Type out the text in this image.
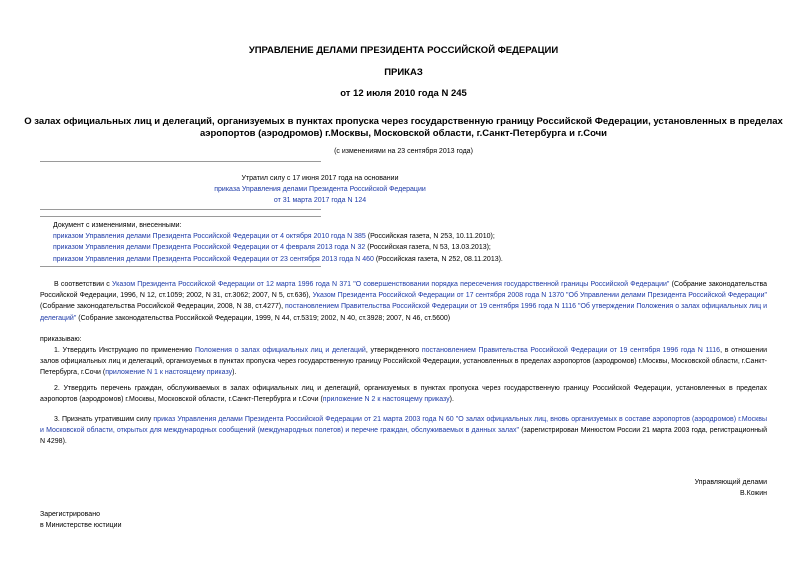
УПРАВЛЕНИЕ ДЕЛАМИ ПРЕЗИДЕНТА РОССИЙСКОЙ ФЕДЕРАЦИИ
ПРИКАЗ
от 12 июля 2010 года N 245
О залах официальных лиц и делегаций, организуемых в пунктах пропуска через государственную границу Российской Федерации, установленных в пределах
аэропортов (аэродромов) г.Москвы, Московской области, г.Санкт-Петербурга и г.Сочи
(с изменениями на 23 сентября 2013 года)
Утратил силу с 17 июня 2017 года на основании
приказа Управления делами Президента Российской Федерации
от 31 марта 2017 года N 124
Документ с изменениями, внесенными:
приказом Управления делами Президента Российской Федерации от 4 октября 2010 года N 385 (Российская газета, N 253, 10.11.2010);
приказом Управления делами Президента Российской Федерации от 4 февраля 2013 года N 32 (Российская газета, N 53, 13.03.2013);
приказом Управления делами Президента Российской Федерации от 23 сентября 2013 года N 460 (Российская газета, N 252, 08.11.2013).
В соответствии с Указом Президента Российской Федерации от 12 марта 1996 года N 371 "О совершенствовании порядка пересечения государственной границы Российской Федерации" (Собрание законодательства Российской Федерации, 1996, N 12, ст.1059; 2002, N 31, ст.3062; 2007, N 5, ст.636), Указом Президента Российской Федерации от 17 сентября 2008 года N 1370 "Об Управлении делами Президента Российской Федерации" (Собрание законодательства Российской Федерации, 2008, N 38, ст.4277), постановлением Правительства Российской Федерации от 19 сентября 1996 года N 1116 "Об утверждении Положения о залах официальных лиц и делегаций" (Собрание законодательства Российской Федерации, 1999, N 44, ст.5319; 2002, N 40, ст.3928; 2007, N 46, ст.5600)
приказываю:
1. Утвердить Инструкцию по применению Положения о залах официальных лиц и делегаций, утвержденного постановлением Правительства Российской Федерации от 19 сентября 1996 года N 1116, в отношении залов официальных лиц и делегаций, организуемых в пунктах пропуска через государственную границу Российской Федерации, установленных в пределах аэропортов (аэродромов) г.Москвы, Московской области, г.Санкт-Петербурга, г.Сочи (приложение N 1 к настоящему приказу).
2. Утвердить перечень граждан, обслуживаемых в залах официальных лиц и делегаций, организуемых в пунктах пропуска через государственную границу Российской Федерации, установленных в пределах аэропортов (аэродромов) г.Москвы, Московской области, г.Санкт-Петербурга и г.Сочи (приложение N 2 к настоящему приказу).
3. Признать утратившим силу приказ Управления делами Президента Российской Федерации от 21 марта 2003 года N 60 "О залах официальных лиц, вновь организуемых в составе аэропортов (аэродромов) г.Москвы и Московской области, открытых для международных сообщений (международных полетов) и перечне граждан, обслуживаемых в данных залах" (зарегистрирован Минюстом России 21 марта 2003 года, регистрационный N 4298).
Управляющий делами
В.Кожин
Зарегистрировано
в Министерстве юстиции
